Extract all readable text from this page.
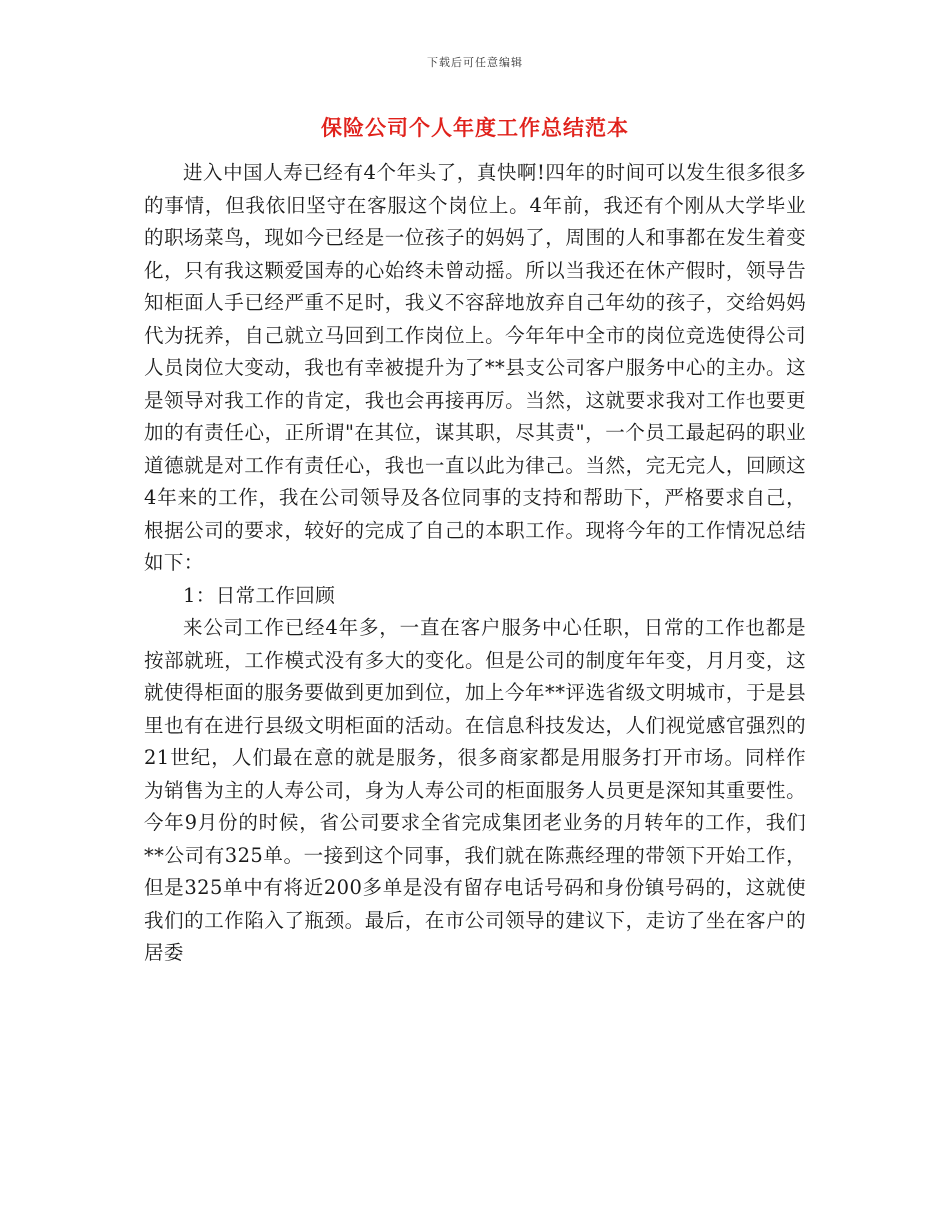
下载后可任意编辑
保险公司个人年度工作总结范本

进入中国人寿已经有4个年头了，真快啊!四年的时间可以发生很多很多的事情，但我依旧坚守在客服这个岗位上。4年前，我还有个刚从大学毕业的职场菜鸟，现如今已经是一位孩子的妈妈了，周围的人和事都在发生着变化，只有我这颗爱国寿的心始终未曾动摇。所以当我还在休产假时，领导告知柜面人手已经严重不足时，我义不容辞地放弃自己年幼的孩子，交给妈妈代为抚养，自己就立马回到工作岗位上。今年年中全市的岗位竞选使得公司人员岗位大变动，我也有幸被提升为了**县支公司客户服务中心的主办。这是领导对我工作的肯定，我也会再接再厉。当然，这就要求我对工作也要更加的有责任心，正所谓"在其位，谋其职，尽其责"，一个员工最起码的职业道德就是对工作有责任心，我也一直以此为律己。当然，完无完人，回顾这4年来的工作，我在公司领导及各位同事的支持和帮助下，严格要求自己，根据公司的要求，较好的完成了自己的本职工作。现将今年的工作情况总结如下：

1：日常工作回顾

来公司工作已经4年多，一直在客户服务中心任职，日常的工作也都是按部就班，工作模式没有多大的变化。但是公司的制度年年变，月月变，这就使得柜面的服务要做到更加到位，加上今年**评选省级文明城市，于是县里也有在进行县级文明柜面的活动。在信息科技发达，人们视觉感官强烈的21世纪，人们最在意的就是服务，很多商家都是用服务打开市场。同样作为销售为主的人寿公司，身为人寿公司的柜面服务人员更是深知其重要性。今年9月份的时候，省公司要求全省完成集团老业务的月转年的工作，我们**公司有325单。一接到这个同事，我们就在陈燕经理的带领下开始工作，但是325单中有将近200多单是没有留存电话号码和身份镇号码的，这就使我们的工作陷入了瓶颈。最后，在市公司领导的建议下，走访了坐在客户的居委
